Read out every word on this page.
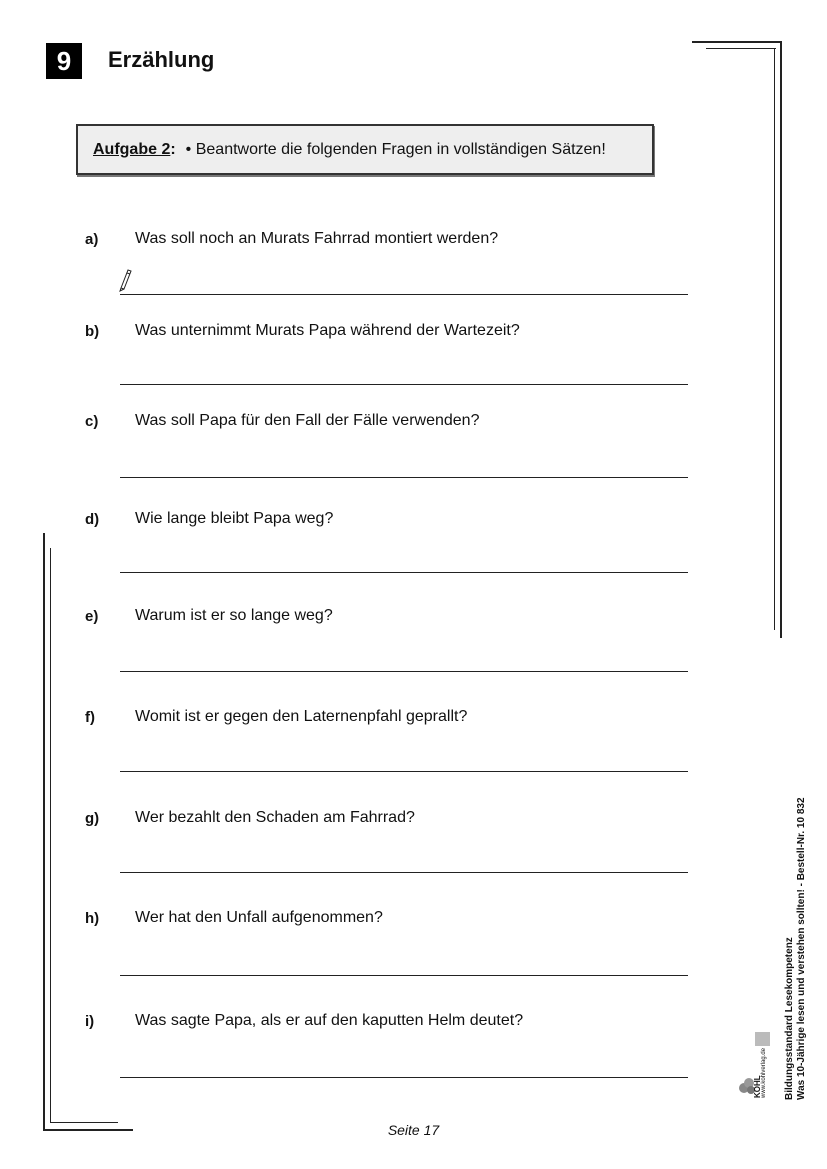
9	Erzählung
Aufgabe 2 : • Beantworte die folgenden Fragen in vollständigen Sätzen!
a) Was soll noch an Murats Fahrrad montiert werden?
b) Was unternimmt Murats Papa während der Wartezeit?
c) Was soll Papa für den Fall der Fälle verwenden?
d) Wie lange bleibt Papa weg?
e) Warum ist er so lange weg?
f)	Womit ist er gegen den Laternenpfahl geprallt?
g) Wer bezahlt den Schaden am Fahrrad?
h) Wer hat den Unfall aufgenommen?
i)	Was sagte Papa, als er auf den kaputten Helm deutet?	Bildungsstandard Lesekompetenz Was 10-Jährige lesen und verstehen sollten! - Bestell-Nr. 10 832
KOHL www.kohlverlag.de
Seite 17
